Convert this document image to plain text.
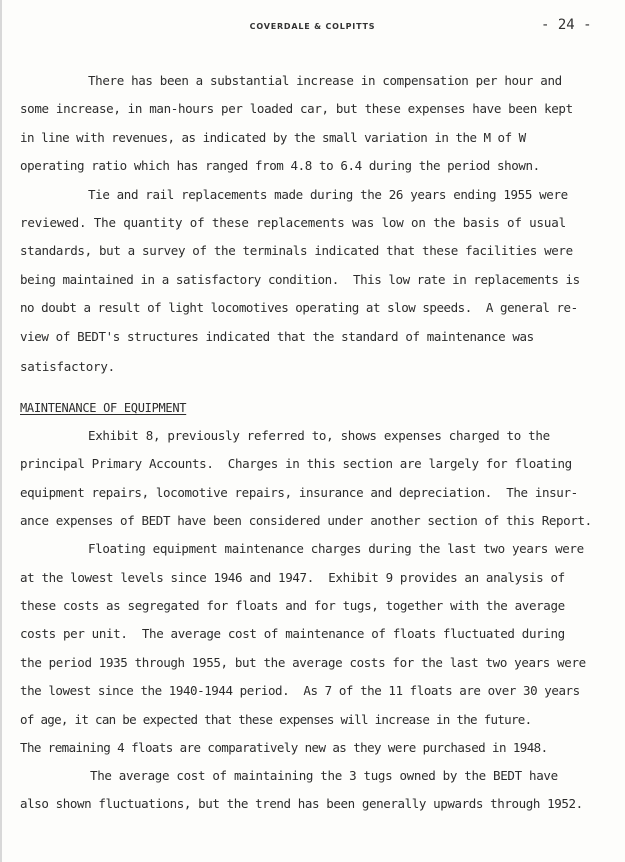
COVERDALE & COLPITTS	- 24 -
There has been a substantial increase in compensation per hour and
some increase, in man-hours per loaded car, but these expenses have been kept
in line with revenues, as indicated by the small variation in the M of W
operating ratio which has ranged from 4.8 to 6.4 during the period shown.
Tie and rail replacements made during the 26 years ending 1955 were
reviewed. The quantity of these replacements was low on the basis of usual
standards, but a survey of the terminals indicated that these facilities were
being maintained in a satisfactory condition.  This low rate in replacements is
no doubt a result of light locomotives operating at slow speeds.  A general re-
view of BEDT's structures indicated that the standard of maintenance was
satisfactory.
MAINTENANCE OF EQUIPMENT
Exhibit 8, previously referred to, shows expenses charged to the
principal Primary Accounts.  Charges in this section are largely for floating
equipment repairs, locomotive repairs, insurance and depreciation.  The insur-
ance expenses of BEDT have been considered under another section of this Report.
Floating equipment maintenance charges during the last two years were
at the lowest levels since 1946 and 1947.  Exhibit 9 provides an analysis of
these costs as segregated for floats and for tugs, together with the average
costs per unit.  The average cost of maintenance of floats fluctuated during
the period 1935 through 1955, but the average costs for the last two years were
the lowest since the 1940-1944 period.  As 7 of the 11 floats are over 30 years
of age, it can be expected that these expenses will increase in the future.
The remaining 4 floats are comparatively new as they were purchased in 1948.
The average cost of maintaining the 3 tugs owned by the BEDT have
also shown fluctuations, but the trend has been generally upwards through 1952.
